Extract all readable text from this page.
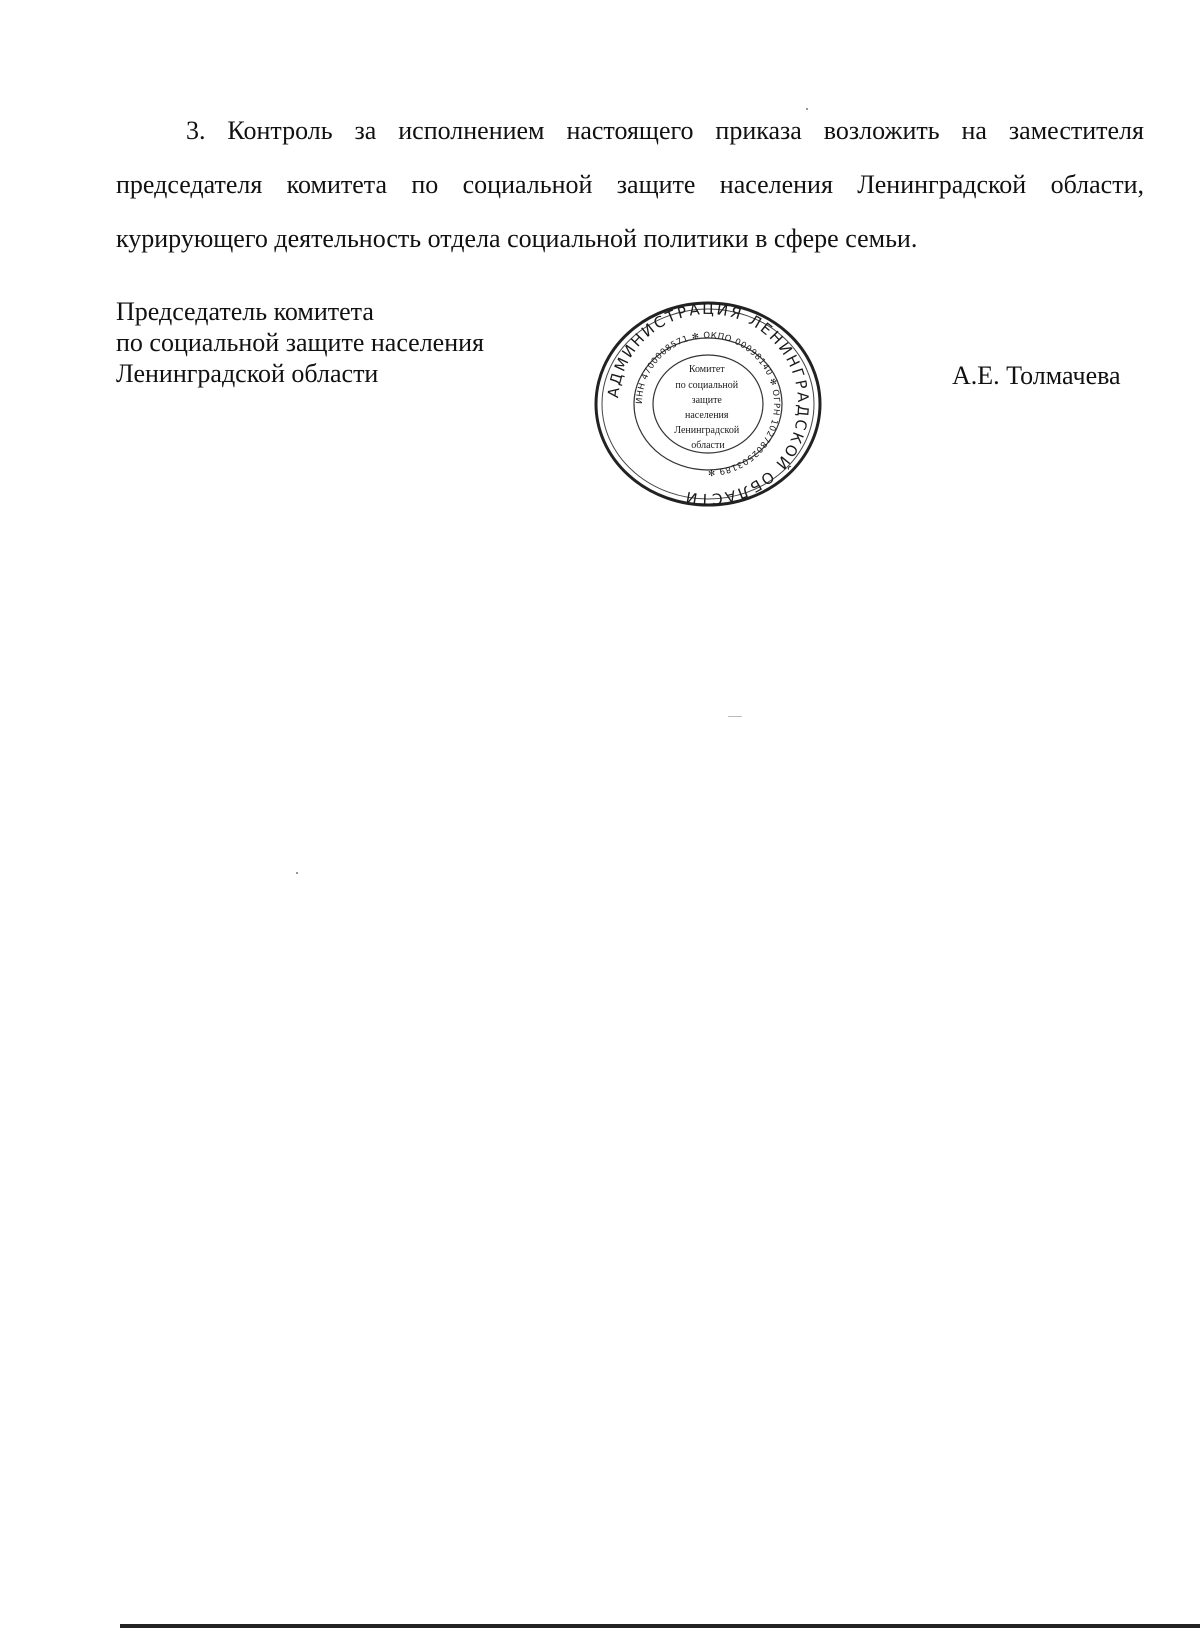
3. Контроль за исполнением настоящего приказа возложить на заместителя председателя комитета по социальной защите населения Ленинградской области, курирующего деятельность отдела социальной политики в сфере семьи.

Председатель комитета
по социальной защите населения
Ленинградской области
АДМИНИСТРАЦИЯ ЛЕНИНГРАДСКОЙ ОБЛАСТИ
ИНН 4700008571 ✻ ОКПО 00098140 ✻ ОГРН 1027802503189 ✻
Комитет по социальной защите населения Ленинградской области
А.Е. Толмачева
